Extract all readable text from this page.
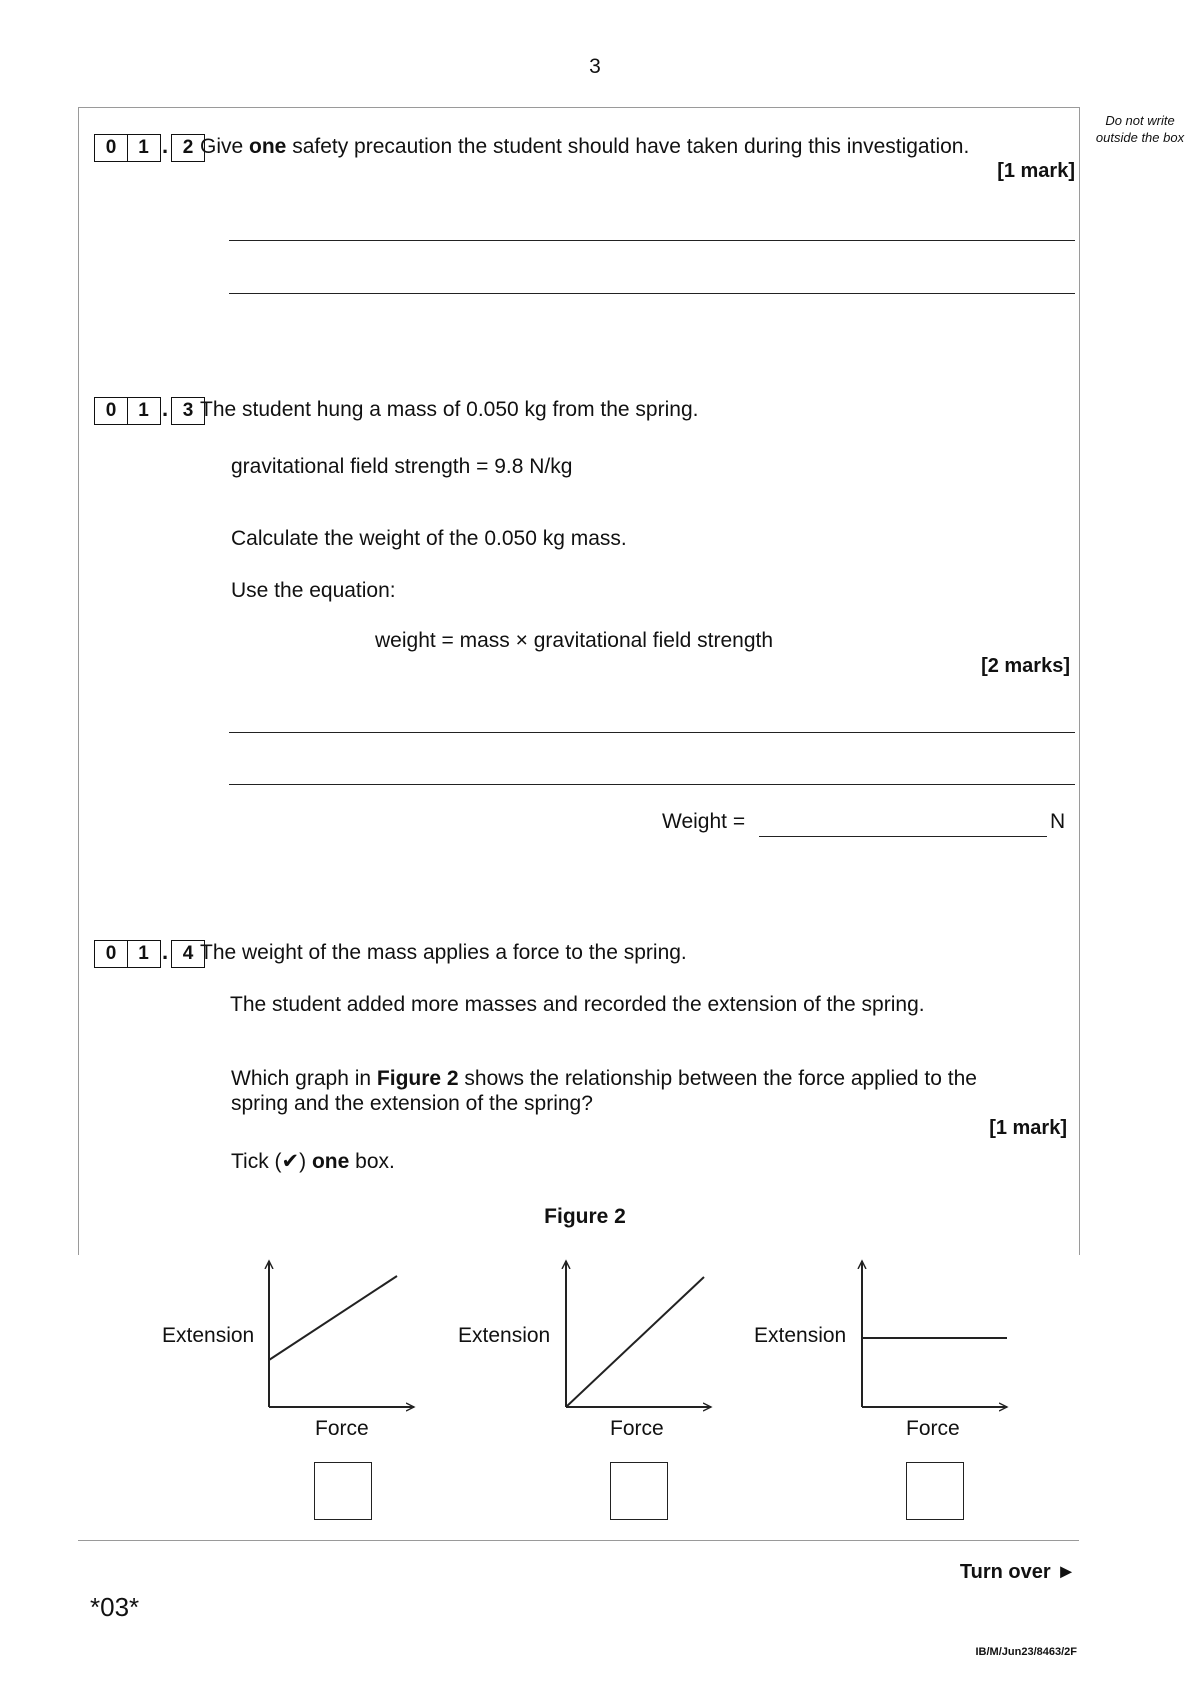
3
Do not write outside the box
0	1 . 2 Give one safety precaution the student should have taken during this investigation.
[1 mark]
0	1 . 3 The student hung a mass of 0.050 kg from the spring.
gravitational field strength = 9.8 N/kg
Calculate the weight of the 0.050 kg mass.
Use the equation:
weight = mass × gravitational field strength
[2 marks]
Weight =	N
0	1 . 4 The weight of the mass applies a force to the spring.
The student added more masses and recorded the extension of the spring.
Which graph in Figure 2 shows the relationship between the force applied to the
spring and the extension of the spring?
[1 mark]
Tick (✔) one box.
Figure 2
Extension
Force
Extension
Force
Extension
Force
Turn over ►
*03*
IB/M/Jun23/8463/2F
